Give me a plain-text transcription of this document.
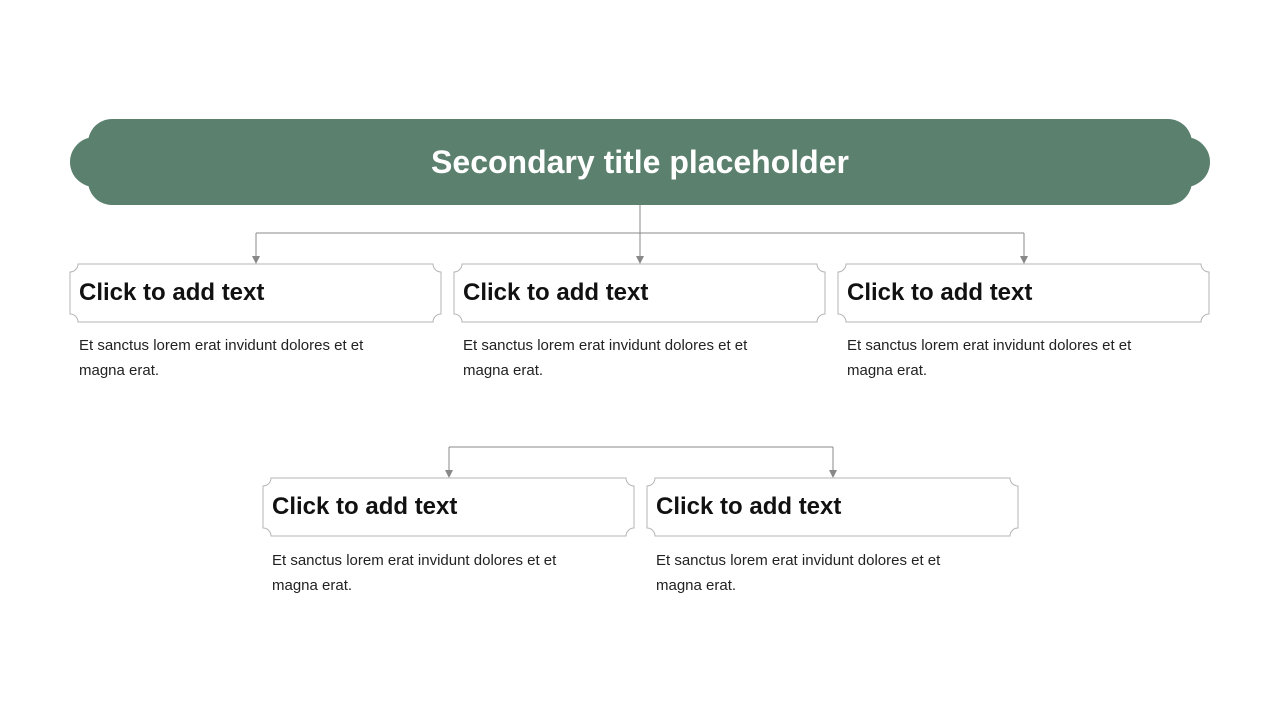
Secondary title placeholder
Click to add text
Et sanctus lorem erat invidunt dolores et et magna erat.
Click to add text
Et sanctus lorem erat invidunt dolores et et magna erat.
Click to add text
Et sanctus lorem erat invidunt dolores et et magna erat.
Click to add text
Et sanctus lorem erat invidunt dolores et et magna erat.
Click to add text
Et sanctus lorem erat invidunt dolores et et magna erat.
